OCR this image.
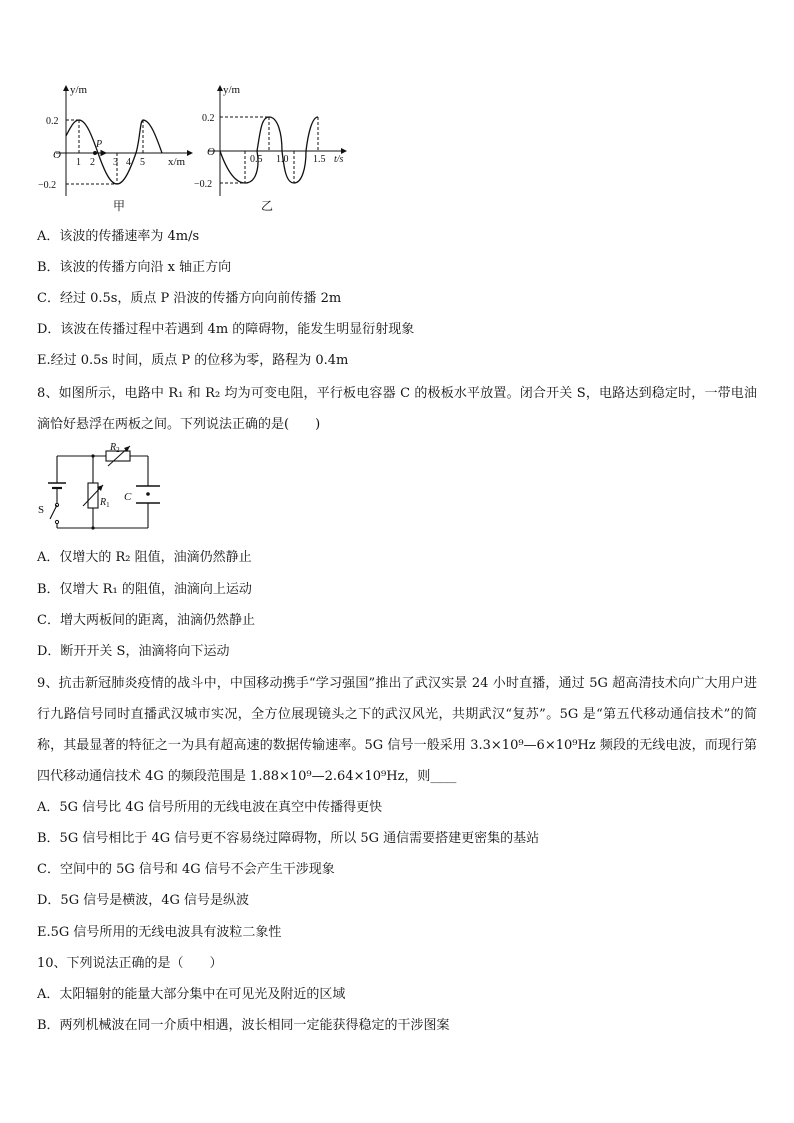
y/m
x/m
O
0.2
−0.2
1 2 3 4 5
P
甲
y/m
t/s
O
0.2
−0.2
0.5 1.0 1.5
乙
A．该波的传播速率为 4m/s
B．该波的传播方向沿 x 轴正方向
C．经过 0.5s，质点 P 沿波的传播方向向前传播 2m
D．该波在传播过程中若遇到 4m 的障碍物，能发生明显衍射现象
E.经过 0.5s 时间，质点 P 的位移为零，路程为 0.4m
8、如图所示，电路中 R₁ 和 R₂ 均为可变电阻，平行板电容器 C 的极板水平放置。闭合开关 S，电路达到稳定时，一带电油滴恰好悬浮在两板之间。下列说法正确的是(　　)
S
$R_1$
$R_2$
C
A．仅增大的 R₂ 阻值，油滴仍然静止
B．仅增大 R₁ 的阻值，油滴向上运动
C．增大两板间的距离，油滴仍然静止
D．断开开关 S，油滴将向下运动
9、抗击新冠肺炎疫情的战斗中，中国移动携手“学习强国”推出了武汉实景 24 小时直播，通过 5G 超高清技术向广大用户进行九路信号同时直播武汉城市实况，全方位展现镜头之下的武汉风光，共期武汉“复苏”。5G 是“第五代移动通信技术”的简称，其最显著的特征之一为具有超高速的数据传输速率。5G 信号一般采用 3.3×10⁹—6×10⁹Hz 频段的无线电波，而现行第四代移动通信技术 4G 的频段范围是 1.88×10⁹—2.64×10⁹Hz，则____
A．5G 信号比 4G 信号所用的无线电波在真空中传播得更快
B．5G 信号相比于 4G 信号更不容易绕过障碍物，所以 5G 通信需要搭建更密集的基站
C．空间中的 5G 信号和 4G 信号不会产生干涉现象
D．5G 信号是横波，4G 信号是纵波
E.5G 信号所用的无线电波具有波粒二象性
10、下列说法正确的是（　　）
A．太阳辐射的能量大部分集中在可见光及附近的区域
B．两列机械波在同一介质中相遇，波长相同一定能获得稳定的干涉图案
